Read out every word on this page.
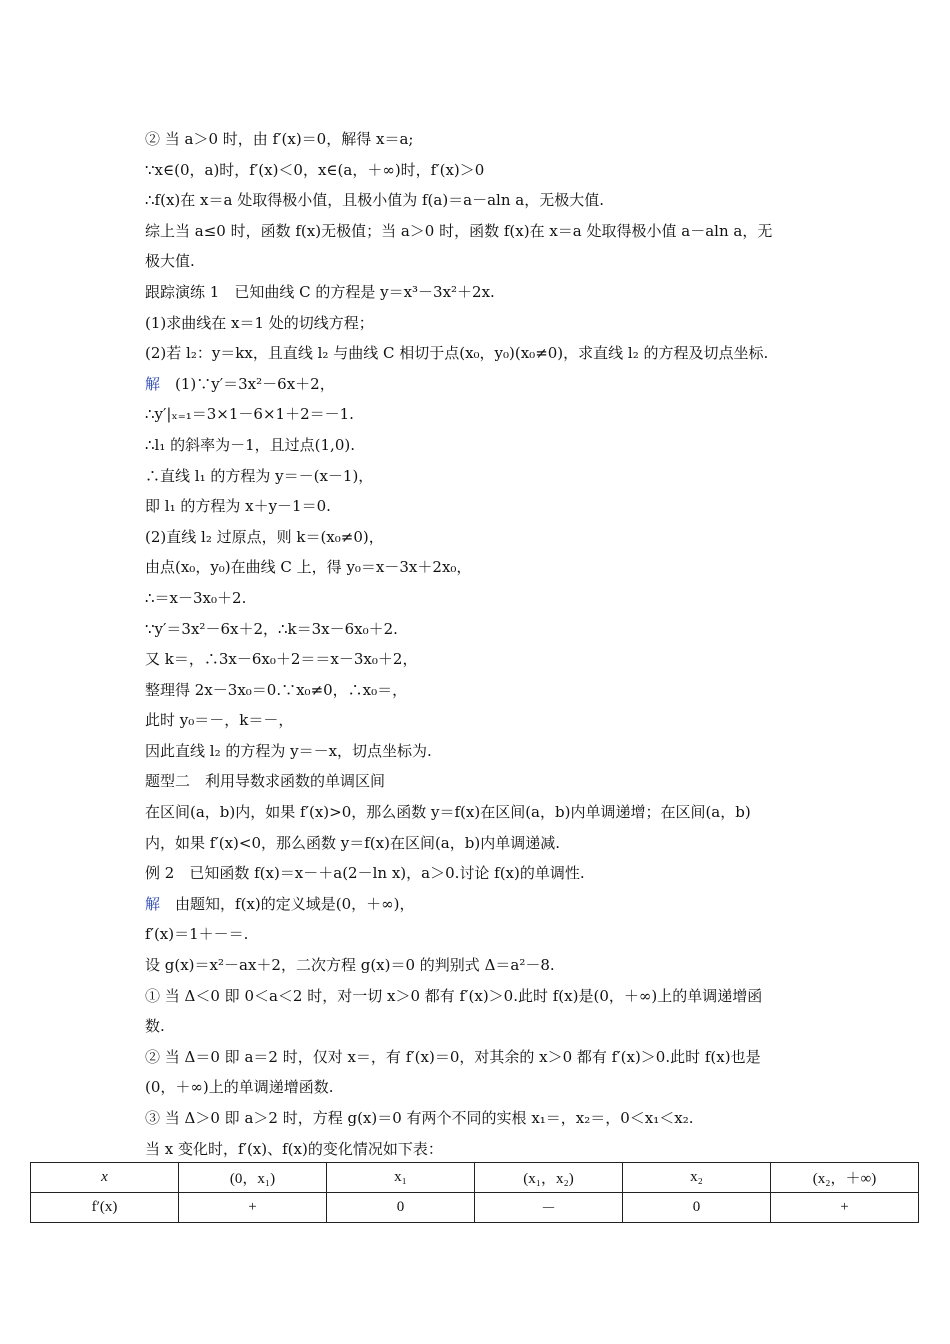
② 当 a＞0 时，由 f′(x)＝0，解得 x＝a;
∵x∈(0，a)时，f′(x)＜0，x∈(a，＋∞)时，f′(x)＞0
∴f(x)在 x＝a 处取得极小值，且极小值为 f(a)＝a－aln a，无极大值.
综上当 a≤0 时，函数 f(x)无极值；当 a＞0 时，函数 f(x)在 x＝a 处取得极小值 a－aln a，无
极大值.
跟踪演练 1　已知曲线 C 的方程是 y＝x³－3x²＋2x.
(1)求曲线在 x＝1 处的切线方程；
(2)若 l₂：y＝kx，且直线 l₂ 与曲线 C 相切于点(x₀，y₀)(x₀≠0)，求直线 l₂ 的方程及切点坐标.
解　(1)∵y′＝3x²－6x＋2，
∴y′|ₓ₌₁＝3×1－6×1＋2＝－1.
∴l₁ 的斜率为－1，且过点(1,0).
∴直线 l₁ 的方程为 y＝－(x－1)，
即 l₁ 的方程为 x＋y－1＝0.
(2)直线 l₂ 过原点，则 k＝(x₀≠0)，
由点(x₀，y₀)在曲线 C 上，得 y₀＝x－3x＋2x₀，
∴＝x－3x₀＋2.
∵y′＝3x²－6x＋2，∴k＝3x－6x₀＋2.
又 k＝，∴3x－6x₀＋2＝＝x－3x₀＋2，
整理得 2x－3x₀＝0.∵x₀≠0，∴x₀＝，
此时 y₀＝－，k＝－，
因此直线 l₂ 的方程为 y＝－x，切点坐标为.
题型二　利用导数求函数的单调区间
在区间(a，b)内，如果 f′(x)>0，那么函数 y＝f(x)在区间(a，b)内单调递增；在区间(a，b)
内，如果 f′(x)<0，那么函数 y＝f(x)在区间(a，b)内单调递减.
例 2　已知函数 f(x)＝x－＋a(2－ln x)，a＞0.讨论 f(x)的单调性.
解　由题知，f(x)的定义域是(0，＋∞)，
f′(x)＝1＋－＝.
设 g(x)＝x²－ax＋2，二次方程 g(x)＝0 的判别式 Δ＝a²－8.
① 当 Δ＜0 即 0＜a＜2 时，对一切 x＞0 都有 f′(x)＞0.此时 f(x)是(0，＋∞)上的单调递增函
数.
② 当 Δ＝0 即 a＝2 时，仅对 x＝，有 f′(x)＝0，对其余的 x＞0 都有 f′(x)＞0.此时 f(x)也是
(0，＋∞)上的单调递增函数.
③ 当 Δ＞0 即 a＞2 时，方程 g(x)＝0 有两个不同的实根 x₁＝，x₂＝，0＜x₁＜x₂.
当 x 变化时，f′(x)、f(x)的变化情况如下表：
x	(0，x₁)	x₁	(x₁，x₂)	x₂	(x₂，＋∞)
f′(x)	+	0	－	0	+
